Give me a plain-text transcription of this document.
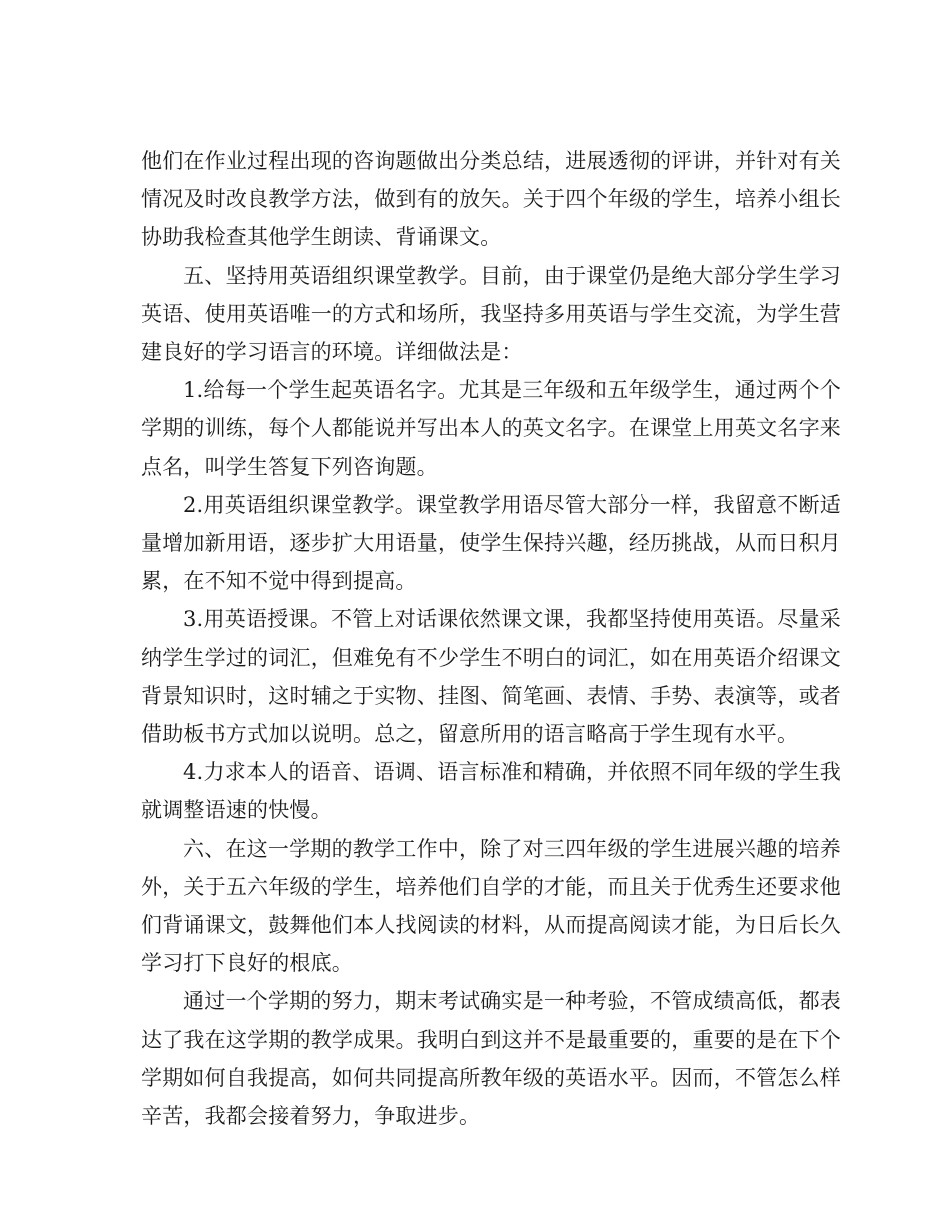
他们在作业过程出现的咨询题做出分类总结，进展透彻的评讲，并针对有关情况及时改良教学方法，做到有的放矢。关于四个年级的学生，培养小组长协助我检查其他学生朗读、背诵课文。

五、坚持用英语组织课堂教学。目前，由于课堂仍是绝大部分学生学习英语、使用英语唯一的方式和场所，我坚持多用英语与学生交流，为学生营建良好的学习语言的环境。详细做法是：

1.给每一个学生起英语名字。尤其是三年级和五年级学生，通过两个个学期的训练，每个人都能说并写出本人的英文名字。在课堂上用英文名字来点名，叫学生答复下列咨询题。

2.用英语组织课堂教学。课堂教学用语尽管大部分一样，我留意不断适量增加新用语，逐步扩大用语量，使学生保持兴趣，经历挑战，从而日积月累，在不知不觉中得到提高。

3.用英语授课。不管上对话课依然课文课，我都坚持使用英语。尽量采纳学生学过的词汇，但难免有不少学生不明白的词汇，如在用英语介绍课文背景知识时，这时辅之于实物、挂图、简笔画、表情、手势、表演等，或者借助板书方式加以说明。总之，留意所用的语言略高于学生现有水平。

4.力求本人的语音、语调、语言标准和精确，并依照不同年级的学生我就调整语速的快慢。

六、在这一学期的教学工作中，除了对三四年级的学生进展兴趣的培养外，关于五六年级的学生，培养他们自学的才能，而且关于优秀生还要求他们背诵课文，鼓舞他们本人找阅读的材料，从而提高阅读才能，为日后长久学习打下良好的根底。

通过一个学期的努力，期末考试确实是一种考验，不管成绩高低，都表达了我在这学期的教学成果。我明白到这并不是最重要的，重要的是在下个学期如何自我提高，如何共同提高所教年级的英语水平。因而，不管怎么样辛苦，我都会接着努力，争取进步。
